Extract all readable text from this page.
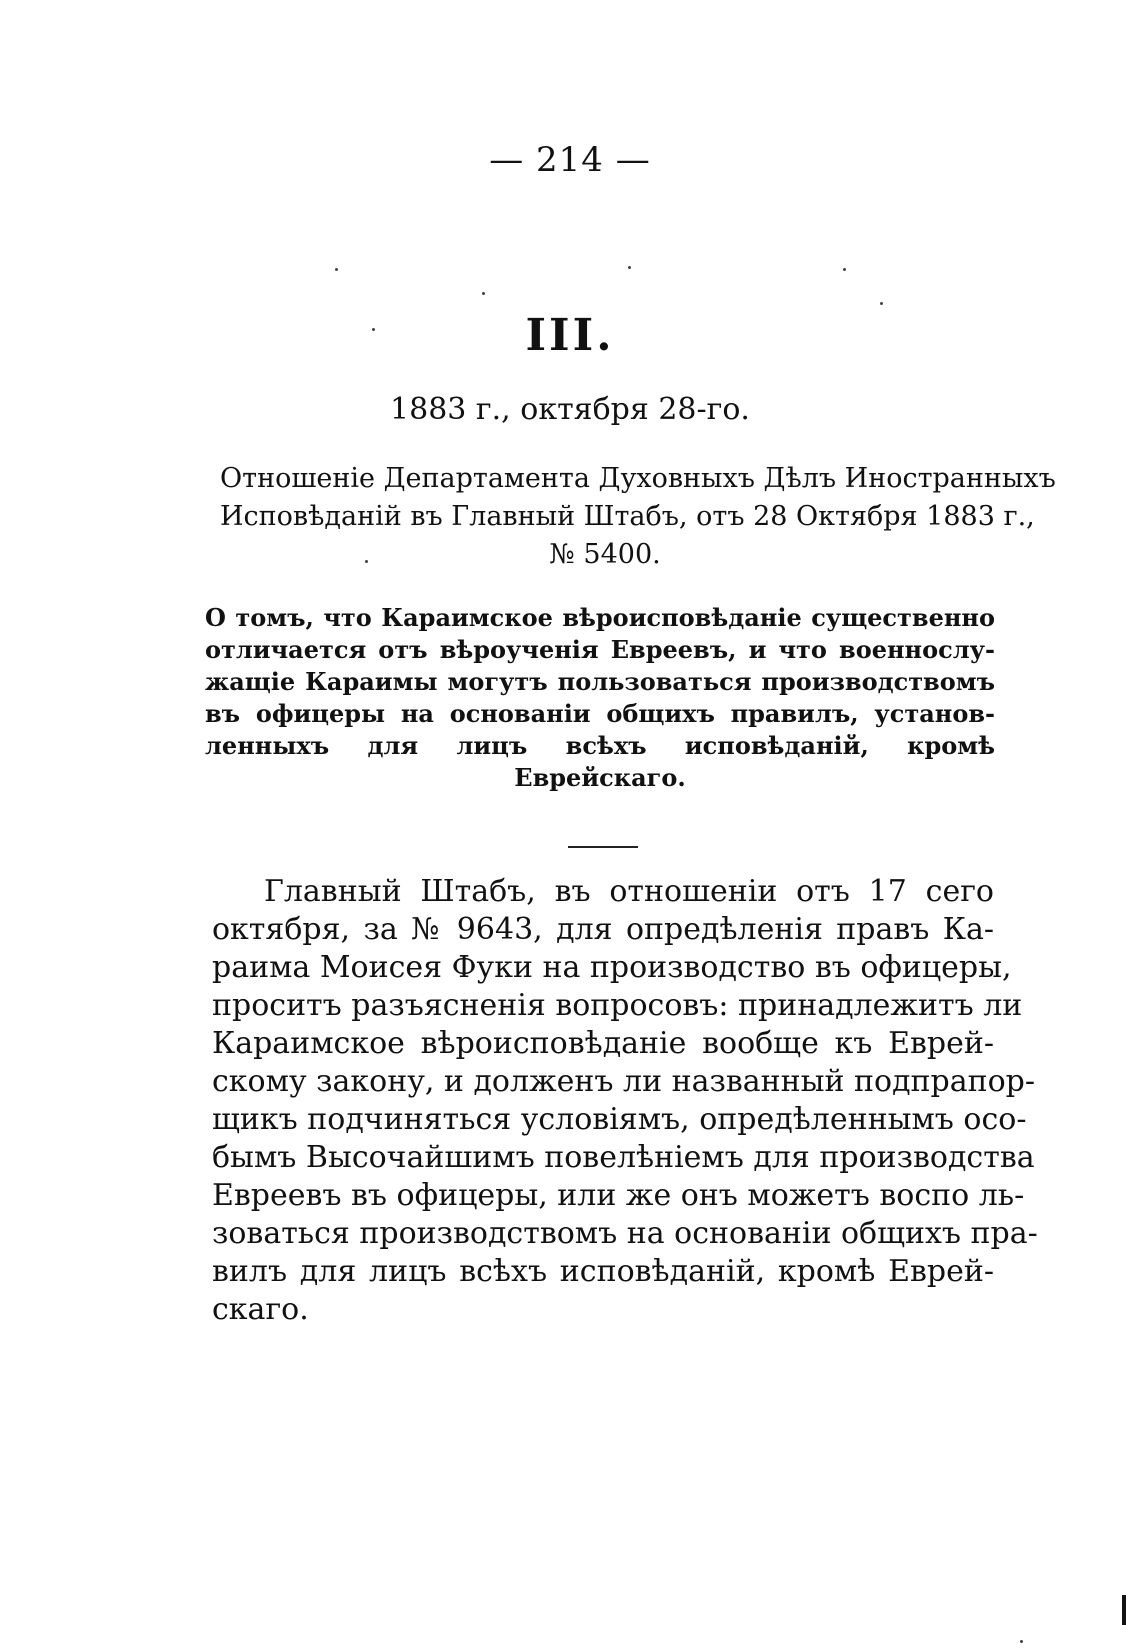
— 214 —
III.
1883 г., октября 28-го.
Отношеніе Департамента Духовныхъ Дѣлъ Иностранныхъ
Исповѣданій въ Главный Штабъ, отъ 28 Октября 1883 г.,
№ 5400.
О томъ, что Караимское вѣроисповѣданіе существенно
отличается отъ вѣроученія Евреевъ, и что военнослу-
жащіе Караимы могутъ пользоваться производствомъ
въ офицеры на основаніи общихъ правилъ, установ-
ленныхъ для лицъ всѣхъ исповѣданій, кромѣ
Еврейскаго.
Главный Штабъ, въ отношеніи отъ 17 сего
октября, за № 9643, для опредѣленія правъ Ка-
раима Моисея Фуки на производство въ офицеры,
проситъ разъясненія вопросовъ: принадлежитъ ли
Караимское вѣроисповѣданіе вообще къ Еврей-
скому закону, и долженъ ли названный подпрапор-
щикъ подчиняться условіямъ, опредѣленнымъ осо-
бымъ Высочайшимъ повелѣніемъ для производства
Евреевъ въ офицеры, или же онъ можетъ воспо ль-
зоваться производствомъ на основаніи общихъ пра-
вилъ для лицъ всѣхъ исповѣданій, кромѣ Еврей-
скаго.
